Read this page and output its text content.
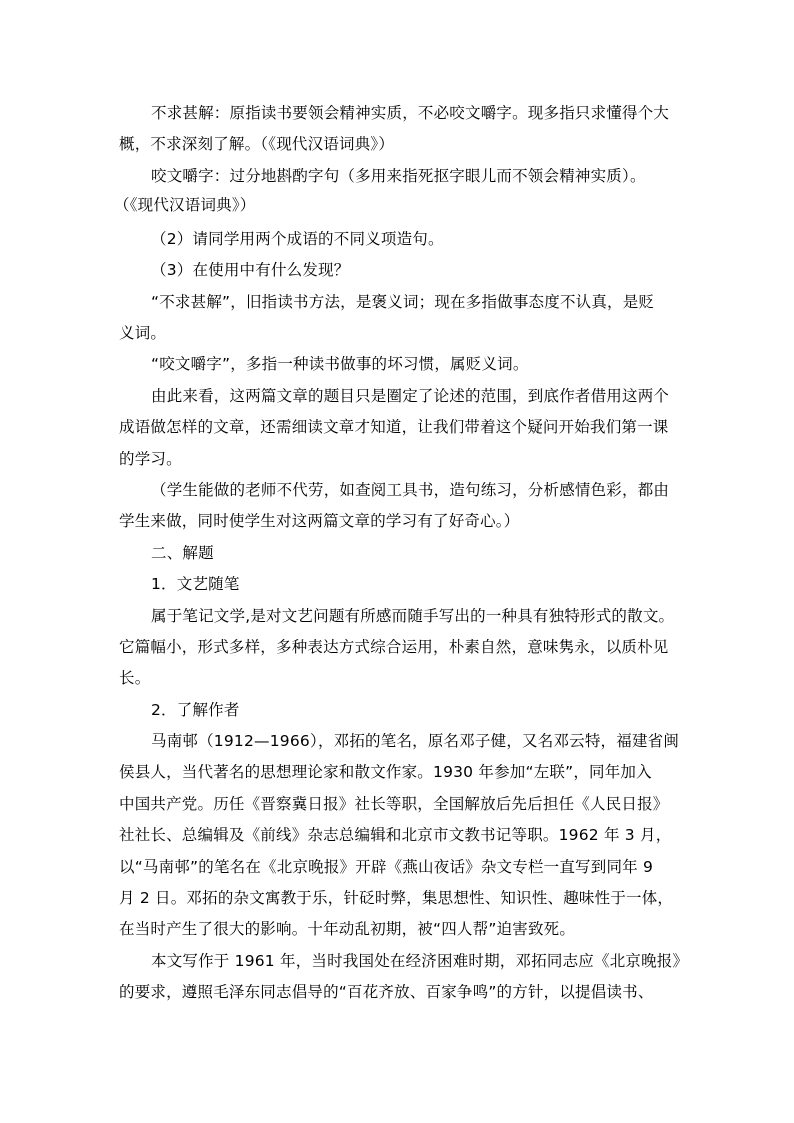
不求甚解：原指读书要领会精神实质，不必咬文嚼字。现多指只求懂得个大
概，不求深刻了解。（《现代汉语词典》）
咬文嚼字：过分地斟酌字句（多用来指死抠字眼儿而不领会精神实质）。
（《现代汉语词典》）
（2）请同学用两个成语的不同义项造句。
（3）在使用中有什么发现？
“不求甚解”，旧指读书方法，是褒义词；现在多指做事态度不认真，是贬
义词。
“咬文嚼字”，多指一种读书做事的坏习惯，属贬义词。
由此来看，这两篇文章的题目只是圈定了论述的范围，到底作者借用这两个
成语做怎样的文章，还需细读文章才知道，让我们带着这个疑问开始我们第一课
的学习。
（学生能做的老师不代劳，如查阅工具书，造句练习，分析感情色彩，都由
学生来做，同时使学生对这两篇文章的学习有了好奇心。）
二、解题
1．文艺随笔
属于笔记文学,是对文艺问题有所感而随手写出的一种具有独特形式的散文。
它篇幅小，形式多样，多种表达方式综合运用，朴素自然，意味隽永，以质朴见
长。
2．了解作者
马南邨（1912—1966），邓拓的笔名，原名邓子健，又名邓云特，福建省闽
侯县人，当代著名的思想理论家和散文作家。1930 年参加“左联”，同年加入
中国共产党。历任《晋察冀日报》社长等职，全国解放后先后担任《人民日报》
社社长、总编辑及《前线》杂志总编辑和北京市文教书记等职。1962 年 3 月，
以“马南邨”的笔名在《北京晚报》开辟《燕山夜话》杂文专栏一直写到同年 9
月 2 日。邓拓的杂文寓教于乐，针砭时弊，集思想性、知识性、趣味性于一体，
在当时产生了很大的影响。十年动乱初期，被“四人帮”迫害致死。
本文写作于 1961 年，当时我国处在经济困难时期，邓拓同志应《北京晚报》
的要求，遵照毛泽东同志倡导的“百花齐放、百家争鸣”的方针，以提倡读书、
